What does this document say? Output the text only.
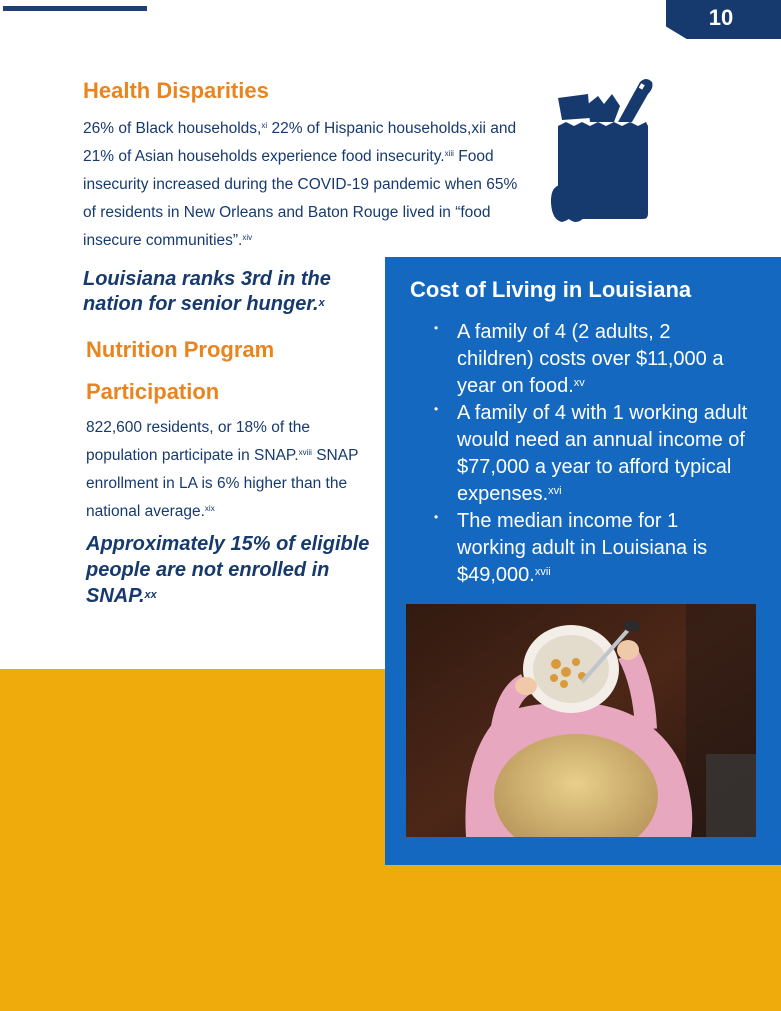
10
Health Disparities

26% of Black households,$^{xi}$ 22% of Hispanic households,xii and 21% of Asian households experience food insecurity.$^{xiii}$ Food insecurity increased during the COVID-19 pandemic when 65% of residents in New Orleans and Baton Rouge lived in “food insecure communities”.$^{xiv}$

Louisiana ranks 3rd in the nation for senior hunger.$^x$

Nutrition Program Participation

822,600 residents, or 18% of the population participate in SNAP.$^{xviii}$ SNAP enrollment in LA is 6% higher than the national average.$^{xix}$

Approximately 15% of eligible people are not enrolled in SNAP.$^{xx}$

Cost of Living in Louisiana
• A family of 4 (2 adults, 2 children) costs over $11,000 a year on food.$^{xv}$
• A family of 4 with 1 working adult would need an annual income of $77,000 a year to afford typical expenses.$^{xvi}$
• The median income for 1 working adult in Louisiana is $49,000.$^{xvii}$
